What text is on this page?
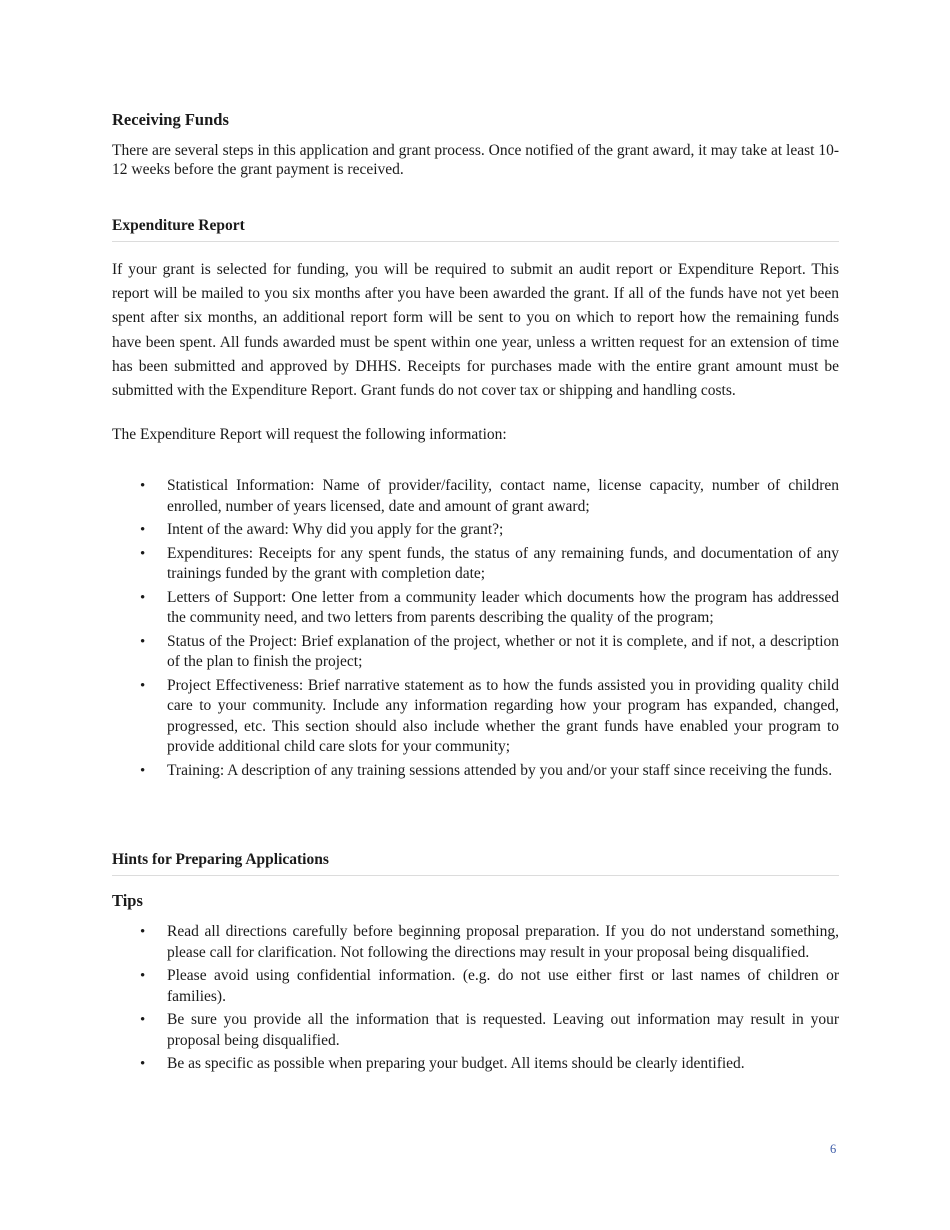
Receiving Funds

There are several steps in this application and grant process. Once notified of the grant award, it may take at least 10-12 weeks before the grant payment is received.

Expenditure Report

If your grant is selected for funding, you will be required to submit an audit report or Expenditure Report. This report will be mailed to you six months after you have been awarded the grant. If all of the funds have not yet been spent after six months, an additional report form will be sent to you on which to report how the remaining funds have been spent. All funds awarded must be spent within one year, unless a written request for an extension of time has been submitted and approved by DHHS. Receipts for purchases made with the entire grant amount must be submitted with the Expenditure Report. Grant funds do not cover tax or shipping and handling costs.

The Expenditure Report will request the following information:

• Statistical Information: Name of provider/facility, contact name, license capacity, number of children enrolled, number of years licensed, date and amount of grant award;
• Intent of the award: Why did you apply for the grant?;
• Expenditures: Receipts for any spent funds, the status of any remaining funds, and documentation of any trainings funded by the grant with completion date;
• Letters of Support: One letter from a community leader which documents how the program has addressed the community need, and two letters from parents describing the quality of the program;
• Status of the Project: Brief explanation of the project, whether or not it is complete, and if not, a description of the plan to finish the project;
• Project Effectiveness: Brief narrative statement as to how the funds assisted you in providing quality child care to your community. Include any information regarding how your program has expanded, changed, progressed, etc. This section should also include whether the grant funds have enabled your program to provide additional child care slots for your community;
• Training: A description of any training sessions attended by you and/or your staff since receiving the funds.
Hints for Preparing Applications
Tips
• Read all directions carefully before beginning proposal preparation. If you do not understand something, please call for clarification. Not following the directions may result in your proposal being disqualified.
• Please avoid using confidential information. (e.g. do not use either first or last names of children or families).
• Be sure you provide all the information that is requested. Leaving out information may result in your proposal being disqualified.
• Be as specific as possible when preparing your budget. All items should be clearly identified.
6
